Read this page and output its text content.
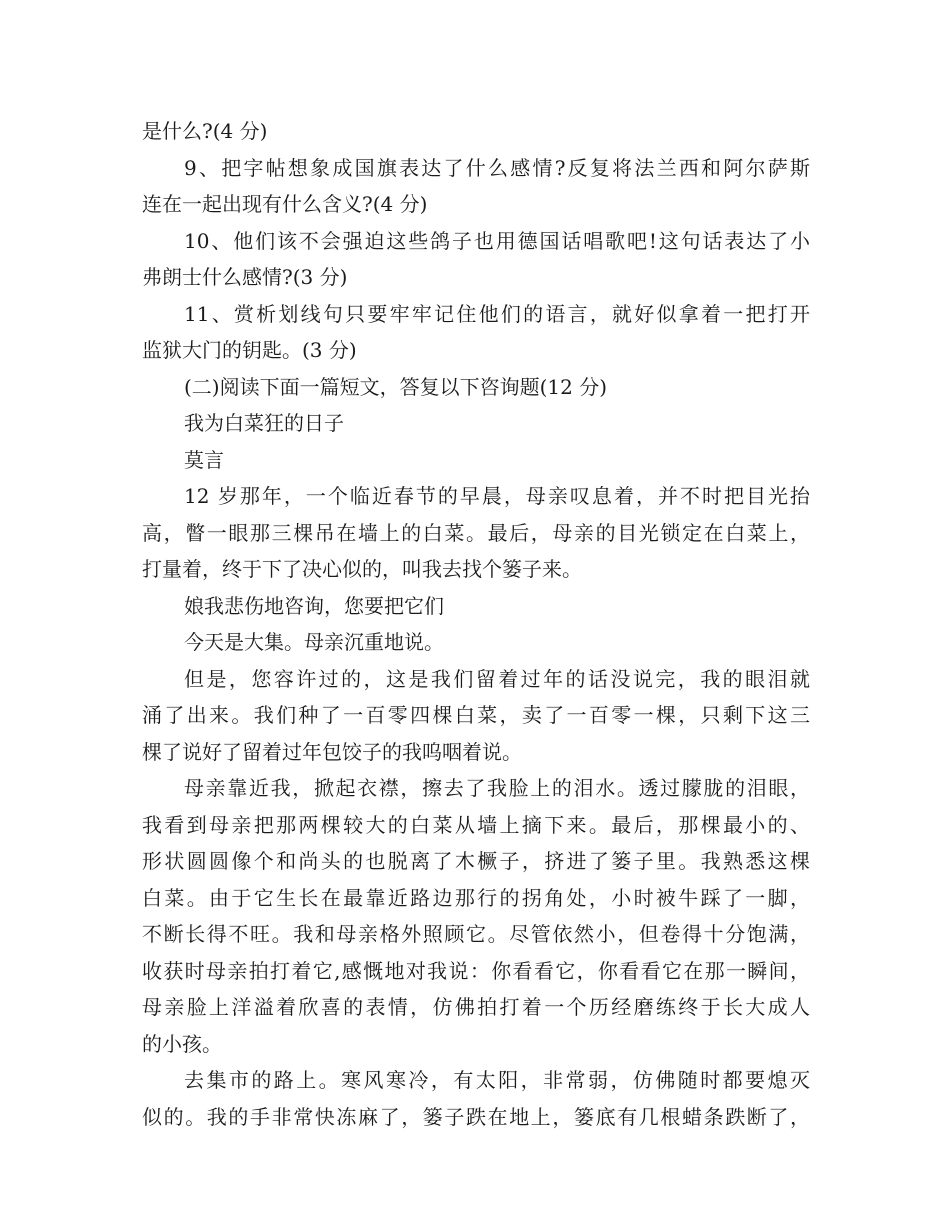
是什么?(4 分)
9、把字帖想象成国旗表达了什么感情?反复将法兰西和阿尔萨斯
连在一起出现有什么含义?(4 分)
10、他们该不会强迫这些鸽子也用德国话唱歌吧!这句话表达了小
弗朗士什么感情?(3 分)
11、赏析划线句只要牢牢记住他们的语言，就好似拿着一把打开
监狱大门的钥匙。(3 分)
(二)阅读下面一篇短文，答复以下咨询题(12 分)
我为白菜狂的日子
莫言
12 岁那年，一个临近春节的早晨，母亲叹息着，并不时把目光抬
高，瞥一眼那三棵吊在墙上的白菜。最后，母亲的目光锁定在白菜上，
打量着，终于下了决心似的，叫我去找个篓子来。
娘我悲伤地咨询，您要把它们
今天是大集。母亲沉重地说。
但是，您容许过的，这是我们留着过年的话没说完，我的眼泪就
涌了出来。我们种了一百零四棵白菜，卖了一百零一棵，只剩下这三
棵了说好了留着过年包饺子的我呜咽着说。
母亲靠近我，掀起衣襟，擦去了我脸上的泪水。透过朦胧的泪眼，
我看到母亲把那两棵较大的白菜从墙上摘下来。最后，那棵最小的、
形状圆圆像个和尚头的也脱离了木橛子，挤进了篓子里。我熟悉这棵
白菜。由于它生长在最靠近路边那行的拐角处，小时被牛踩了一脚，
不断长得不旺。我和母亲格外照顾它。尽管依然小，但卷得十分饱满，
收获时母亲拍打着它,感慨地对我说：你看看它，你看看它在那一瞬间，
母亲脸上洋溢着欣喜的表情，仿佛拍打着一个历经磨练终于长大成人
的小孩。
去集市的路上。寒风寒冷，有太阳，非常弱，仿佛随时都要熄灭
似的。我的手非常快冻麻了，篓子跌在地上，篓底有几根蜡条跌断了，
